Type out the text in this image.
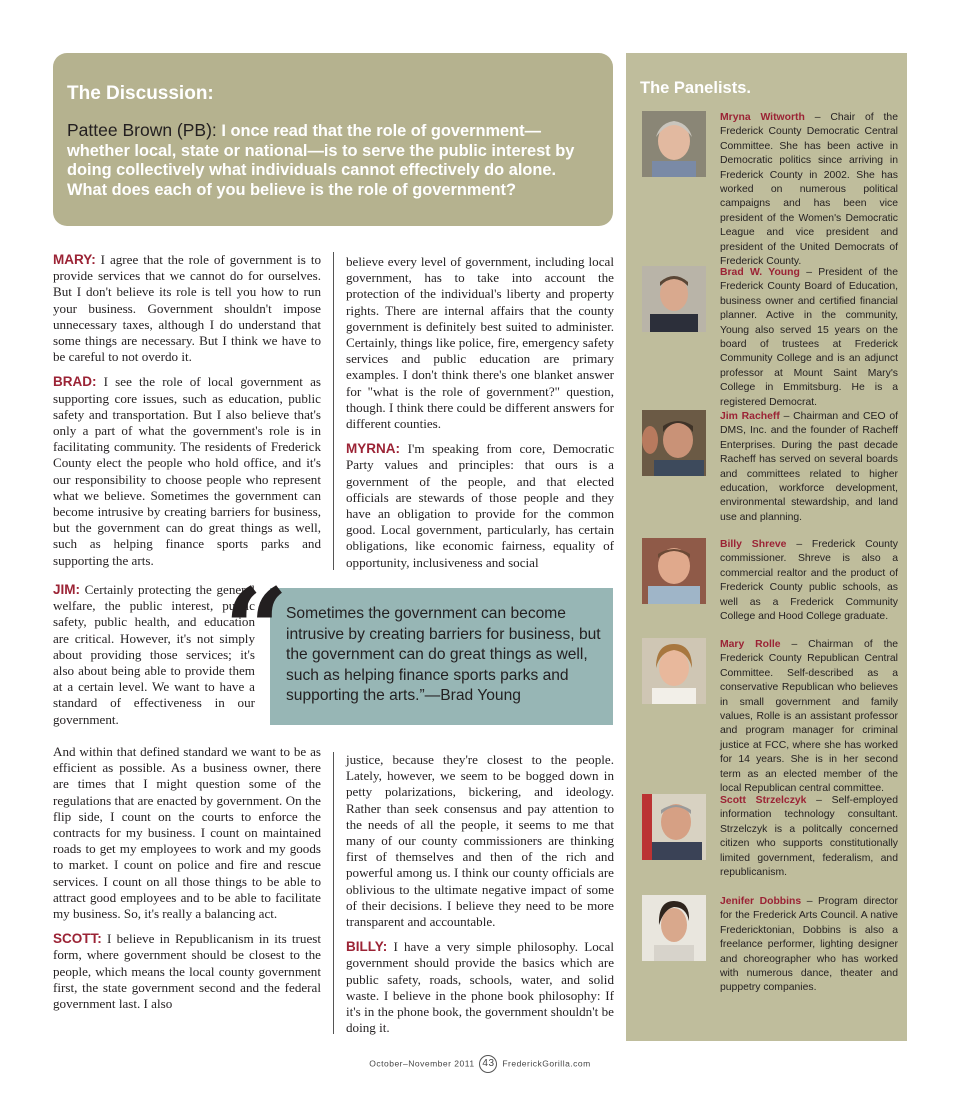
The Discussion:
Pattee Brown (PB): I once read that the role of government—whether local, state or national—is to serve the public interest by doing collectively what individuals cannot effectively do alone. What does each of you believe is the role of government?

MARY: I agree that the role of government is to provide services that we cannot do for ourselves. But I don't believe its role is tell you how to run your business. Government shouldn't impose unnecessary taxes, although I do understand that some things are necessary. But I think we have to be careful to not overdo it.

BRAD: I see the role of local government as supporting core issues, such as education, public safety and transportation. But I also believe that's only a part of what the government's role is in facilitating community. The residents of Frederick County elect the people who hold office, and it's our responsibility to choose people who represent what we believe. Sometimes the government can become intrusive by creating barriers for business, but the government can do great things as well, such as helping finance sports parks and supporting the arts.

JIM: Certainly protecting the general welfare, the public interest, public safety, public health, and education are critical. However, it's not simply about providing those services; it's also about being able to provide them at a certain level. We want to have a standard of effectiveness in our government.

And within that defined standard we want to be as efficient as possible. As a business owner, there are times that I might question some of the regulations that are enacted by government. On the flip side, I count on the courts to enforce the contracts for my business. I count on maintained roads to get my employees to work and my goods to market. I count on police and fire and rescue services. I count on all those things to be able to attract good employees and to be able to facilitate my business. So, it's really a balancing act.

SCOTT: I believe in Republicanism in its truest form, where government should be closest to the people, which means the local county government first, the state government second and the federal government last. I also

believe every level of government, including local government, has to take into account the protection of the individual's liberty and property rights. There are internal affairs that the county government is definitely best suited to administer. Certainly, things like police, fire, emergency safety services and public education are primary examples. I don't think there's one blanket answer for "what is the role of government?" question, though. I think there could be different answers for different counties.

MYRNA: I'm speaking from core, Democratic Party values and principles: that ours is a government of the people, and that elected officials are stewards of those people and they have an obligation to provide for the common good. Local government, particularly, has certain obligations, like economic fairness, equality of opportunity, inclusiveness and social

Sometimes the government can become intrusive by creating barriers for business, but the government can do great things as well, such as helping finance sports parks and supporting the arts.”—Brad Young
“

justice, because they're closest to the people. Lately, however, we seem to be bogged down in petty polarizations, bickering, and ideology. Rather than seek consensus and pay attention to the needs of all the people, it seems to me that many of our county commissioners are thinking first of themselves and then of the rich and powerful among us. I think our county officials are oblivious to the ultimate negative impact of some of their decisions. I believe they need to be more transparent and accountable.

BILLY: I have a very simple philosophy. Local government should provide the basics which are public safety, roads, schools, water, and solid waste. I believe in the phone book philosophy: If it's in the phone book, the government shouldn't be doing it.

The Panelists.
Mryna Witworth – Chair of the Frederick County Democratic Central Committee. She has been active in Democratic politics since arriving in Frederick County in 2002. She has worked on numerous political campaigns and has been vice president of the Women's Democratic League and vice president and president of the United Democrats of Frederick County.
Brad W. Young – President of the Frederick County Board of Education, business owner and certified financial planner. Active in the community, Young also served 15 years on the board of trustees at Frederick Community College and is an adjunct professor at Mount Saint Mary's College in Emmitsburg. He is a registered Democrat.
Jim Racheff – Chairman and CEO of DMS, Inc. and the founder of Racheff Enterprises. During the past decade Racheff has served on several boards and committees related to higher education, workforce development, environmental stewardship, and land use and planning.
Billy Shreve – Frederick County commissioner. Shreve is also a commercial realtor and the product of Frederick County public schools, as well as a Frederick Community College and Hood College graduate.
Mary Rolle – Chairman of the Frederick County Republican Central Committee. Self-described as a conservative Republican who believes in small government and family values, Rolle is an assistant professor and program manager for criminal justice at FCC, where she has worked for 14 years. She is in her second term as an elected member of the local Republican central committee.
Scott Strzelczyk – Self-employed information technology consultant. Strzelczyk is a politcally concerned citizen who supports constitutionally limited government, federalism, and republicanism.
Jenifer Dobbins – Program director for the Frederick Arts Council. A native Fredericktonian, Dobbins is also a freelance performer, lighting designer and choreographer who has worked with numerous dance, theater and puppetry companies.
October–November 2011 43 FrederickGorilla.com
